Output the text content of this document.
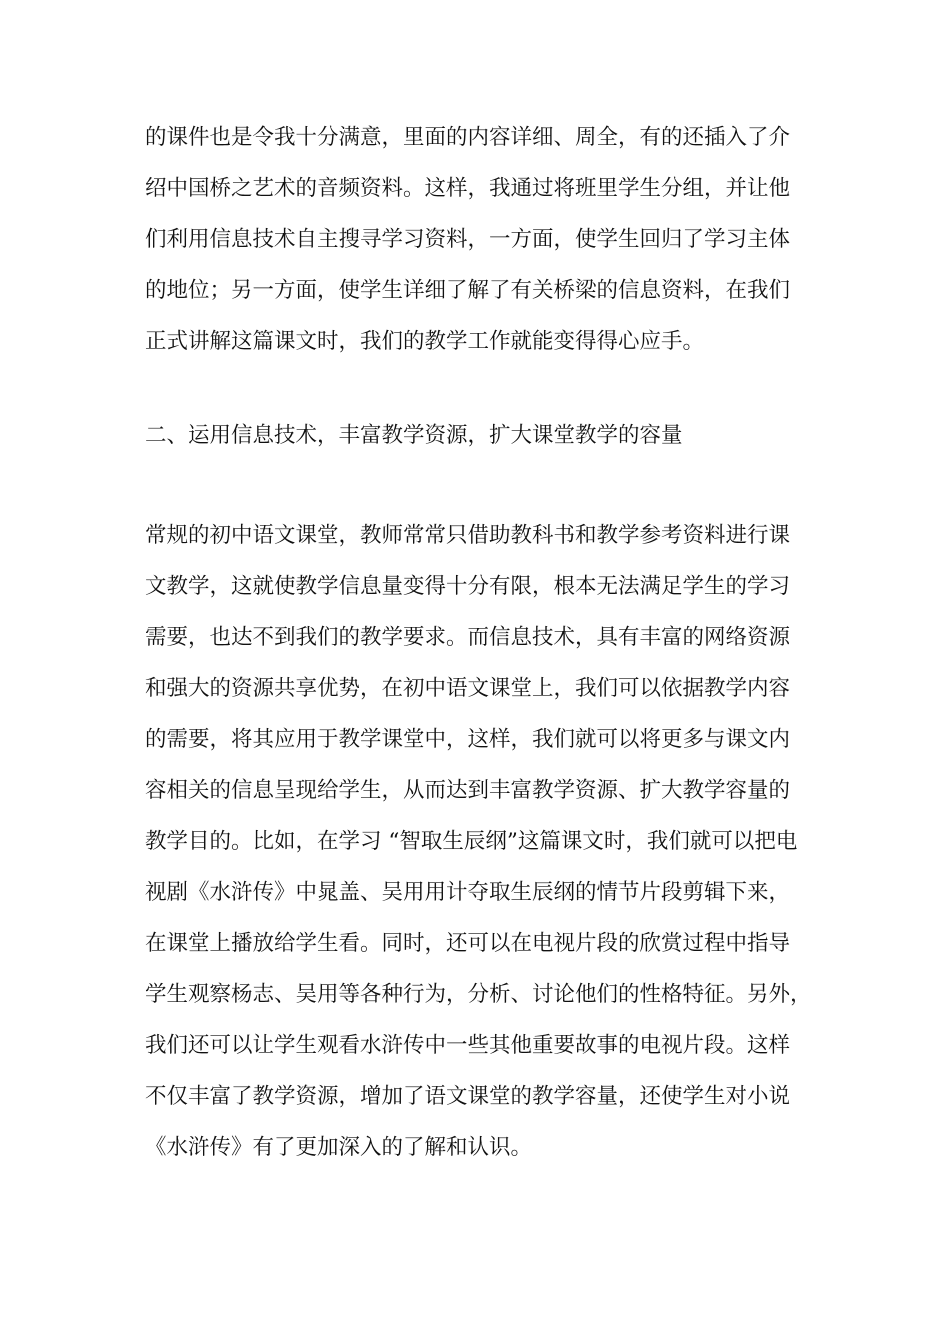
的课件也是令我十分满意，里面的内容详细、周全，有的还插入了介
绍中国桥之艺术的音频资料。这样，我通过将班里学生分组，并让他
们利用信息技术自主搜寻学习资料，一方面，使学生回归了学习主体
的地位；另一方面，使学生详细了解了有关桥梁的信息资料，在我们
正式讲解这篇课文时，我们的教学工作就能变得得心应手。
二、运用信息技术，丰富教学资源，扩大课堂教学的容量
常规的初中语文课堂，教师常常只借助教科书和教学参考资料进行课
文教学，这就使教学信息量变得十分有限，根本无法满足学生的学习
需要，也达不到我们的教学要求。而信息技术，具有丰富的网络资源
和强大的资源共享优势，在初中语文课堂上，我们可以依据教学内容
的需要，将其应用于教学课堂中，这样，我们就可以将更多与课文内
容相关的信息呈现给学生，从而达到丰富教学资源、扩大教学容量的
教学目的。比如，在学习 “智取生辰纲”这篇课文时，我们就可以把电
视剧《水浒传》中晁盖、吴用用计夺取生辰纲的情节片段剪辑下来，
在课堂上播放给学生看。同时，还可以在电视片段的欣赏过程中指导
学生观察杨志、吴用等各种行为，分析、讨论他们的性格特征。另外，
我们还可以让学生观看水浒传中一些其他重要故事的电视片段。这样
不仅丰富了教学资源，增加了语文课堂的教学容量，还使学生对小说
《水浒传》有了更加深入的了解和认识。
